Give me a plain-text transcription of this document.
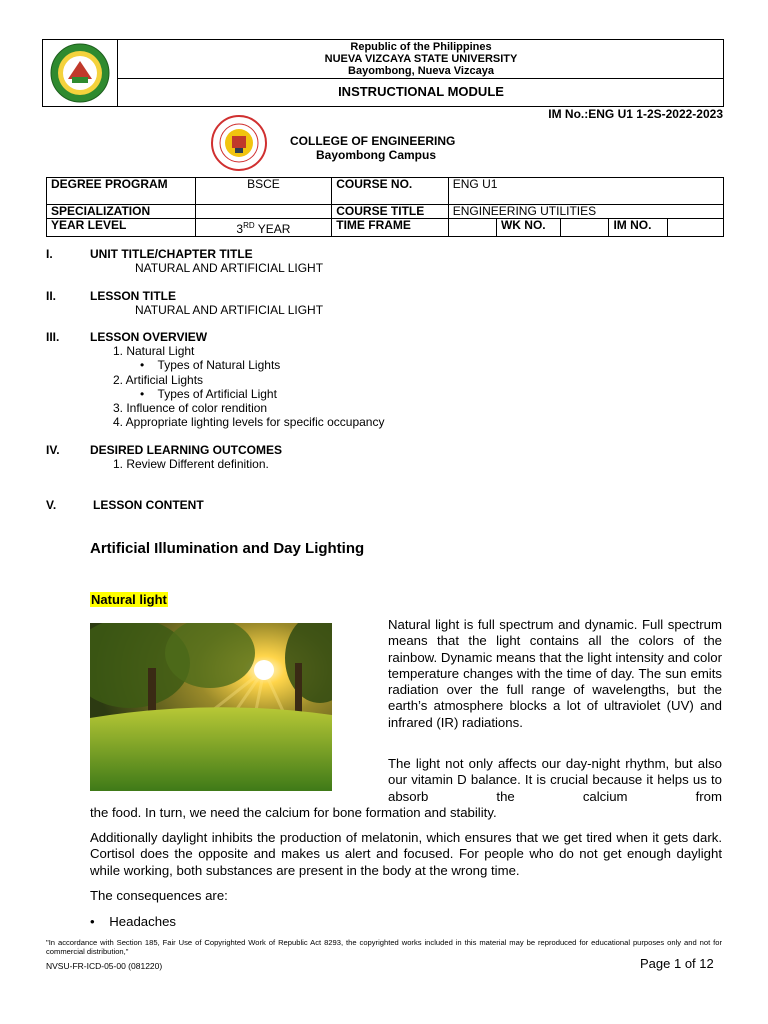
Republic of the Philippines
NUEVA VIZCAYA STATE UNIVERSITY
Bayombong, Nueva Vizcaya
INSTRUCTIONAL MODULE
IM No.:ENG U1 1-2S-2022-2023
COLLEGE OF ENGINEERING
Bayombong Campus
DEGREE PROGRAM	BSCE	COURSE NO.	ENG U1				
SPECIALIZATION		COURSE TITLE	ENGINEERING UTILITIES				
YEAR LEVEL	3RD YEAR	TIME FRAME		WK NO.		IM NO.	
I.	UNIT TITLE/CHAPTER TITLE
NATURAL AND ARTIFICIAL LIGHT
II.	LESSON TITLE
NATURAL AND ARTIFICIAL LIGHT
III.	LESSON OVERVIEW
1. Natural Light
•    Types of Natural Lights
2. Artificial Lights
•    Types of Artificial Light
3. Influence of color rendition
4. Appropriate lighting levels for specific occupancy
IV.	DESIRED LEARNING OUTCOMES
1. Review Different definition.
V.	LESSON CONTENT
Artificial Illumination and Day Lighting
Natural light
Natural light is full spectrum and dynamic. Full spectrum means that the light contains all the colors of the rainbow. Dynamic means that the light intensity and color temperature changes with the time of day. The sun emits radiation over the full range of wavelengths, but the earth’s atmosphere blocks a lot of ultraviolet (UV) and infrared (IR) radiations.
The light not only affects our day-night rhythm, but also our vitamin D balance. It is crucial because it helps us to absorb the calcium from
the food. In turn, we need the calcium for bone formation and stability.
Additionally daylight inhibits the production of melatonin, which ensures that we get tired when it gets dark. Cortisol does the opposite and makes us alert and focused. For people who do not get enough daylight while working, both substances are present in the body at the wrong time.
The consequences are:
•    Headaches
"In accordance with Section 185, Fair Use of Copyrighted Work of Republic Act 8293, the copyrighted works included in this material may be reproduced for educational purposes only and not for commercial distribution,"
NVSU-FR-ICD-05-00 (081220)	Page 1 of 12
